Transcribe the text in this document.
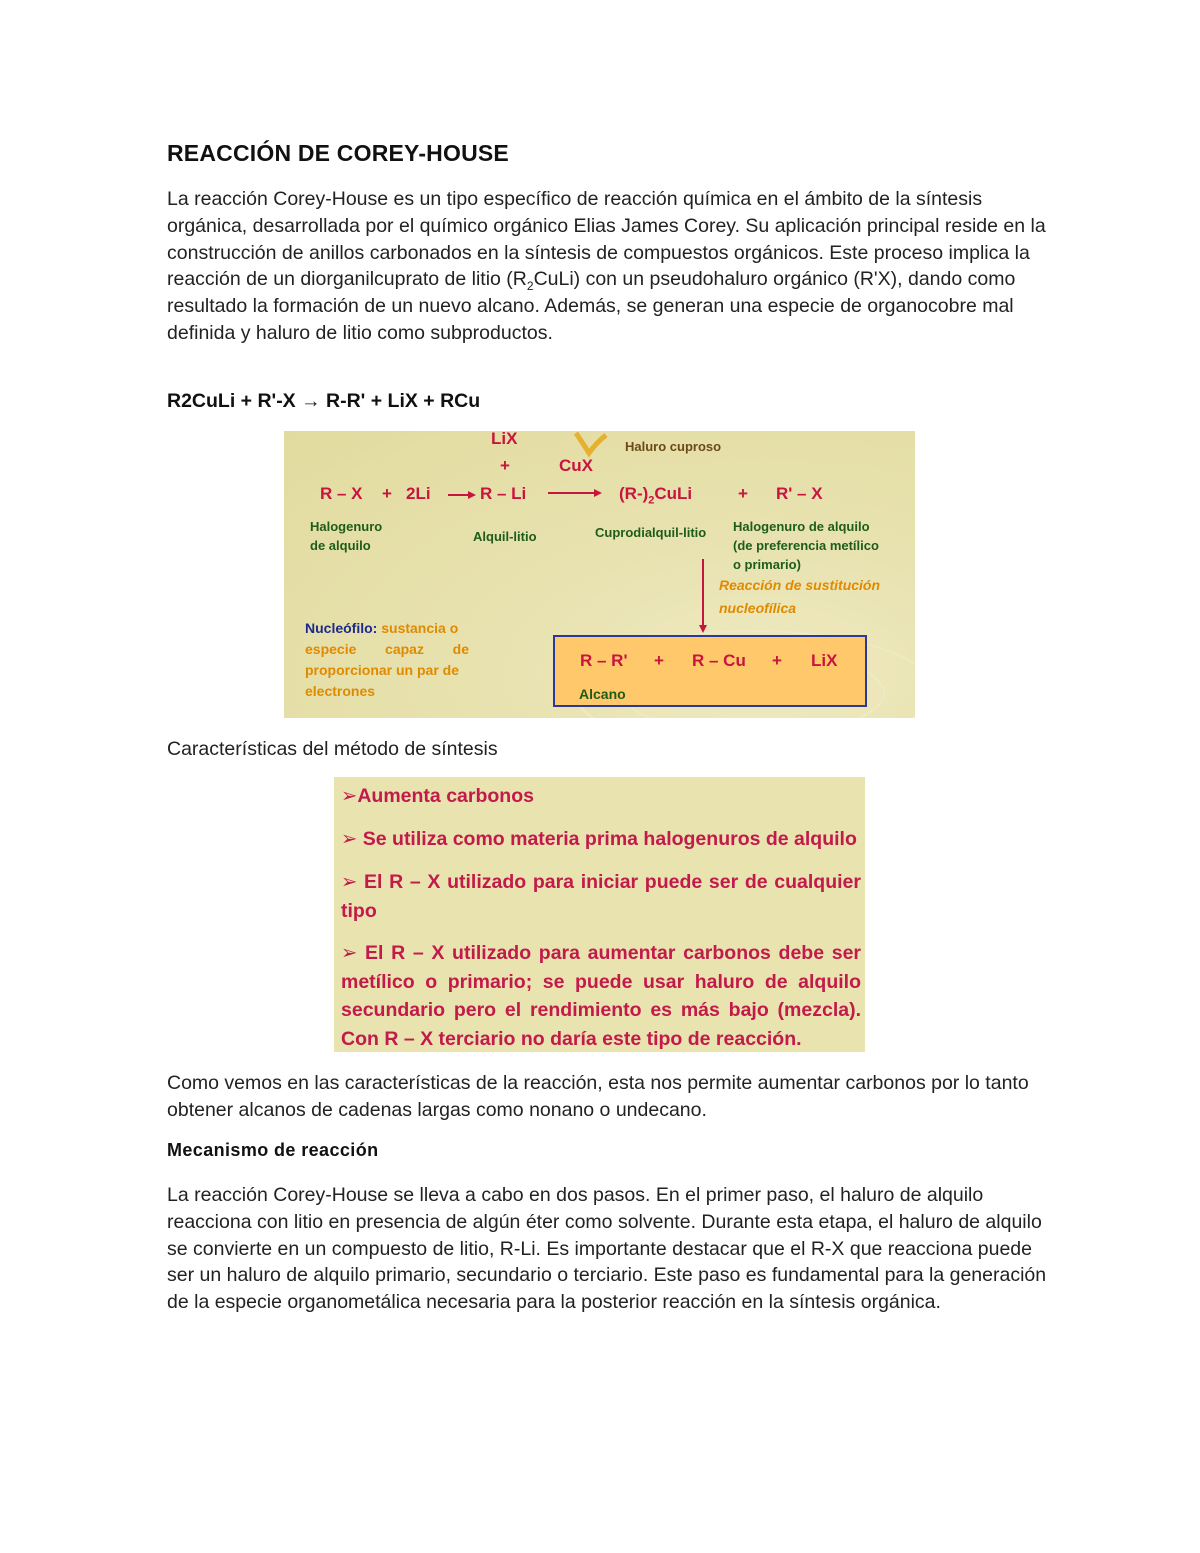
REACCIÓN DE COREY-HOUSE
La reacción Corey-House es un tipo específico de reacción química en el ámbito de la síntesis orgánica, desarrollada por el químico orgánico Elias James Corey. Su aplicación principal reside en la construcción de anillos carbonados en la síntesis de compuestos orgánicos. Este proceso implica la reacción de un diorganilcuprato de litio $(R_2CuLi)$ con un pseudohaluro orgánico (R'X), dando como resultado la formación de un nuevo alcano. Además, se generan una especie de organocobre mal definida y haluro de litio como subproductos.
R2CuLi + R'-X → R-R' + LiX + RCu
LiX
+	CuX
Haluro cuproso
R – X + 2Li	R – Li	$(R-)_2CuLi$	+ R' – X
Halogenuro
de alquilo
Alquil-litio	Cuprodialquil-litio Halogenuro de alquilo
(de preferencia metílico
o primario)
Reacción de sustitución
nucleofílica
Nucleófilo: sustancia o
especie capaz de
proporcionar un par de
electrones
R – R' + R – Cu + LiX
Alcano
Características del método de síntesis
➢Aumenta carbonos
➢ Se utiliza como materia prima halogenuros de alquilo
➢ El R – X utilizado para iniciar puede ser de cualquier tipo
➢ El R – X utilizado para aumentar carbonos debe ser metílico o primario; se puede usar haluro de alquilo secundario pero el rendimiento es más bajo (mezcla). Con R – X terciario no daría este tipo de reacción.
Como vemos en las características de la reacción, esta nos permite aumentar carbonos por lo tanto obtener alcanos de cadenas largas como nonano o undecano.
Mecanismo de reacción
La reacción Corey-House se lleva a cabo en dos pasos. En el primer paso, el haluro de alquilo reacciona con litio en presencia de algún éter como solvente. Durante esta etapa, el haluro de alquilo se convierte en un compuesto de litio, R-Li. Es importante destacar que el R-X que reacciona puede ser un haluro de alquilo primario, secundario o terciario. Este paso es fundamental para la generación de la especie organometálica necesaria para la posterior reacción en la síntesis orgánica.
